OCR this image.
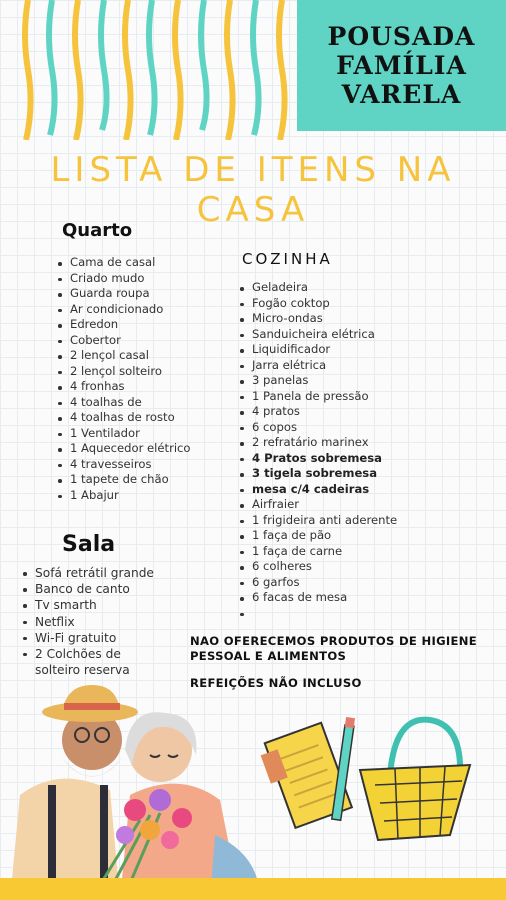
POUSADA
FAMÍLIA
VARELA
LISTA DE ITENS NA CASA
Quarto
Cama de casal
Criado mudo
Guarda roupa
Ar condicionado
Edredon
Cobertor
2 lençol casal
2 lençol solteiro
4 fronhas
4 toalhas de
4 toalhas de rosto
1 Ventilador
1 Aquecedor elétrico
4 travesseiros
1 tapete de chão
1 Abajur
COZINHA
Geladeira
Fogão coktop
Micro-ondas
Sanduicheira elétrica
Liquidificador
Jarra elétrica
3 panelas
1 Panela de pressão
4 pratos
6 copos
2 refratário marinex
4 Pratos sobremesa
3 tigela sobremesa
mesa c/4 cadeiras
Airfraier
1 frigideira anti aderente
1 faça de pão
1 faça de carne
6 colheres
6 garfos
6 facas de mesa
Sala
Sofá retrátil grande
Banco de canto
Tv smarth
Netflix
Wi-Fi gratuito
2 Colchões de solteiro reserva
NAO OFERECEMOS PRODUTOS DE HIGIENE PESSOAL E ALIMENTOS
REFEIÇÕES NÃO INCLUSO
